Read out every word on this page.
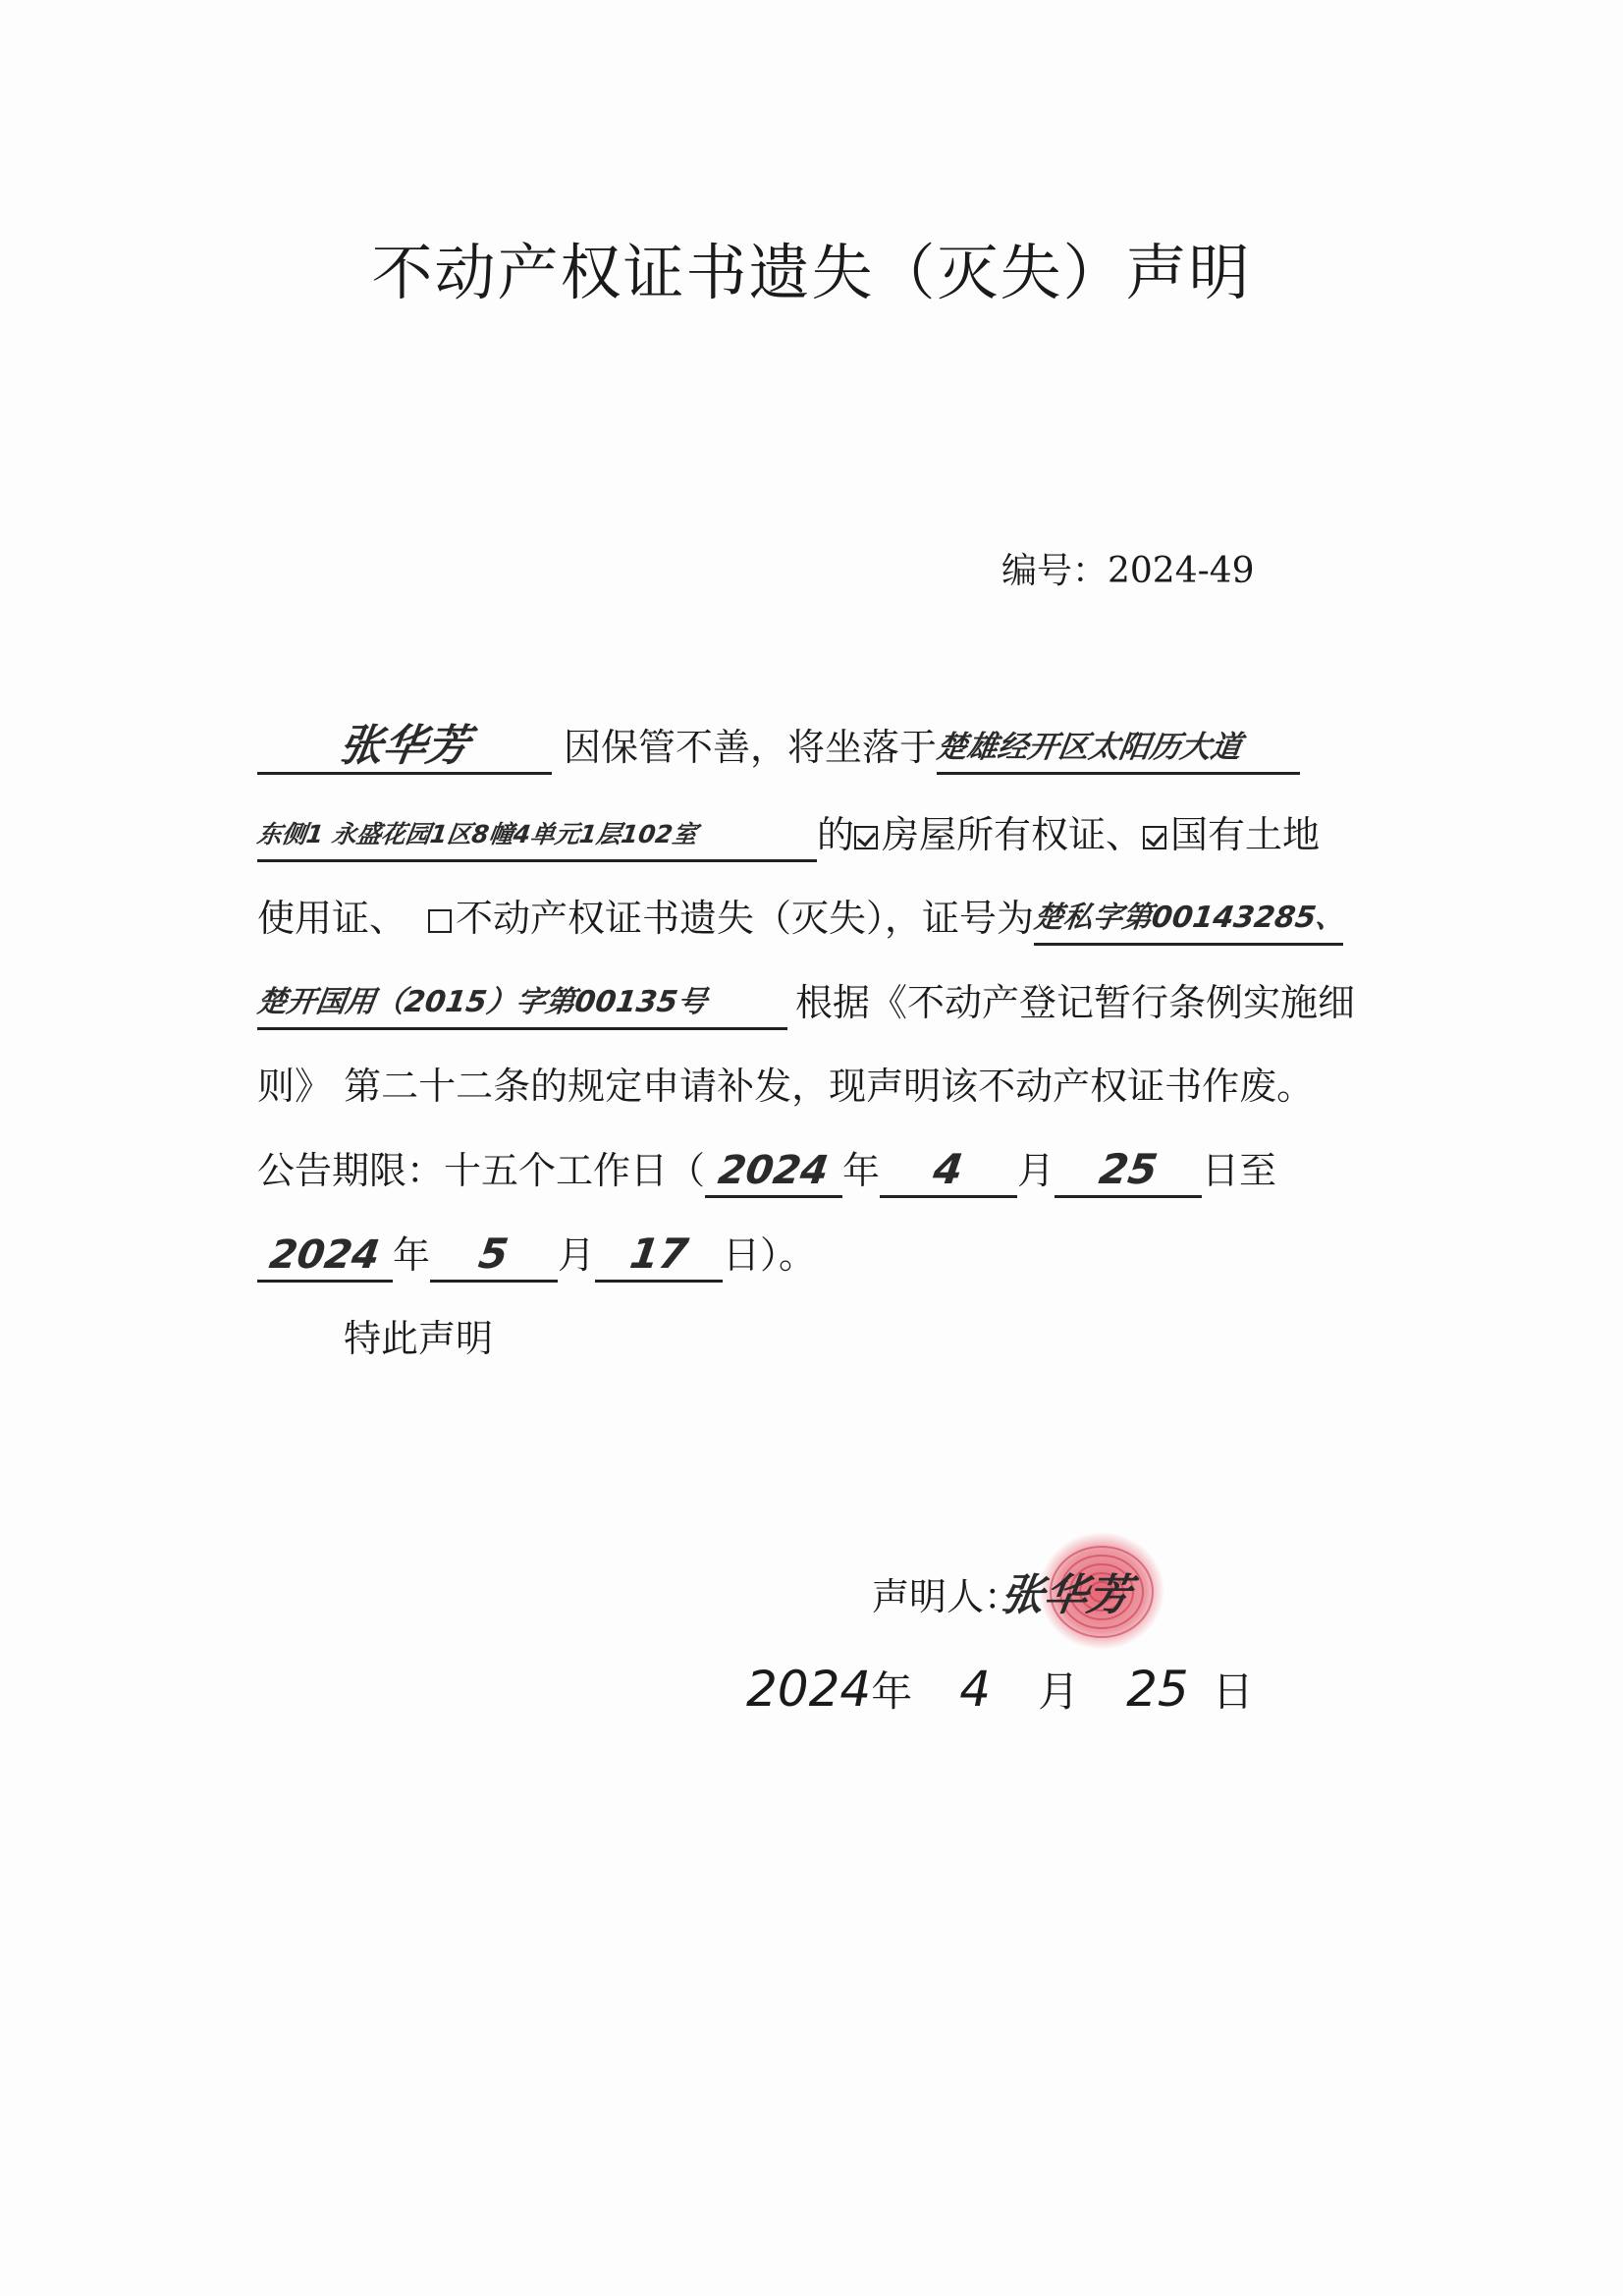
不动产权证书遗失（灭失）声明
编号：2024-49
张华芳 因保管不善，将坐落于楚雄经开区太阳历大道
东侧1 永盛花园1区8幢4单元1层102室	的 房屋所有权证、 国有土地
使用证、 不动产权证书遗失（灭失），证号为楚私字第00143285、
楚开国用（2015）字第00135号 根据《不动产登记暂行条例实施细
则》 第二十二条的规定申请补发，现声明该不动产权证书作废。
公告期限：十五个工作日（ 2024 年 4 月 25 日至
2024 年 5 月 17 日）。
特此声明
声明人：
张华芳
2024年 4 月 25 日
